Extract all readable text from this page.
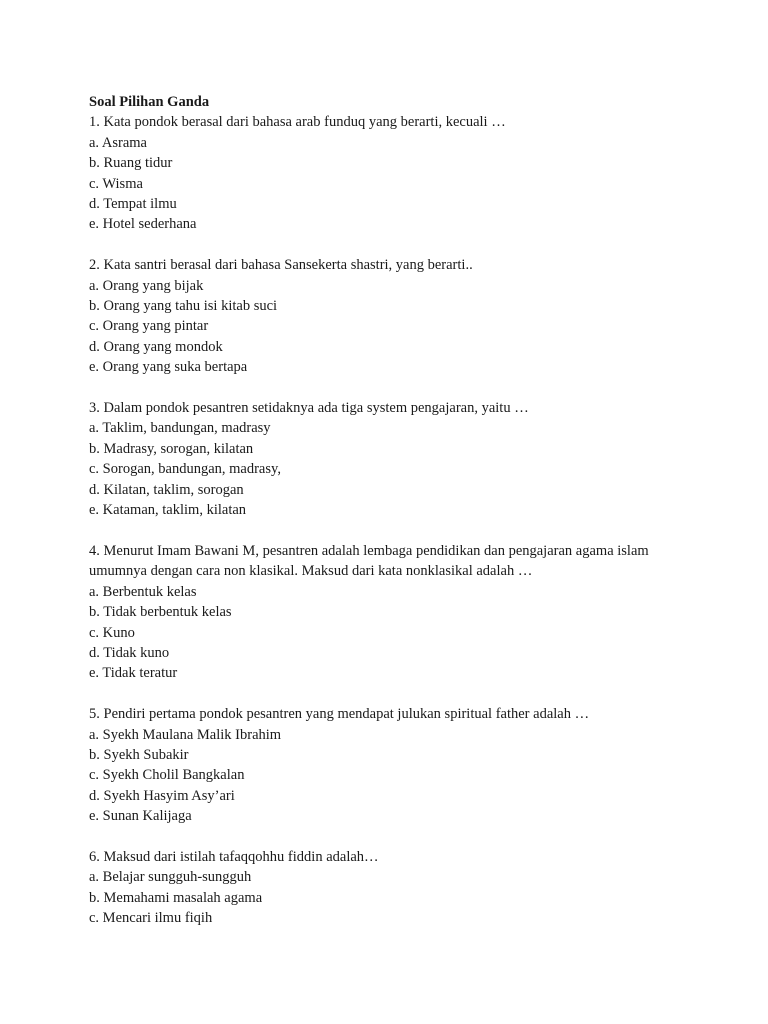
Soal Pilihan Ganda

1. Kata pondok berasal dari bahasa arab funduq yang berarti, kecuali …

a. Asrama

b. Ruang tidur

c. Wisma

d. Tempat ilmu

e. Hotel sederhana

2. Kata santri berasal dari bahasa Sansekerta shastri, yang berarti..

a. Orang yang bijak

b. Orang yang tahu isi kitab suci

c. Orang yang pintar

d. Orang yang mondok

e. Orang yang suka bertapa

3. Dalam pondok pesantren setidaknya ada tiga system pengajaran, yaitu …

a. Taklim, bandungan, madrasy

b. Madrasy, sorogan, kilatan

c. Sorogan, bandungan, madrasy,

d. Kilatan, taklim, sorogan

e. Kataman, taklim, kilatan

4. Menurut Imam Bawani M, pesantren adalah lembaga pendidikan dan pengajaran agama islam

umumnya dengan cara non klasikal. Maksud dari kata nonklasikal adalah …

a. Berbentuk kelas

b. Tidak berbentuk kelas

c. Kuno

d. Tidak kuno

e. Tidak teratur

5. Pendiri pertama pondok pesantren yang mendapat julukan spiritual father adalah …

a. Syekh Maulana Malik Ibrahim

b. Syekh Subakir

c. Syekh Cholil Bangkalan

d. Syekh Hasyim Asy’ari

e. Sunan Kalijaga

6. Maksud dari istilah tafaqqohhu fiddin adalah…

a. Belajar sungguh-sungguh

b. Memahami masalah agama

c. Mencari ilmu fiqih
